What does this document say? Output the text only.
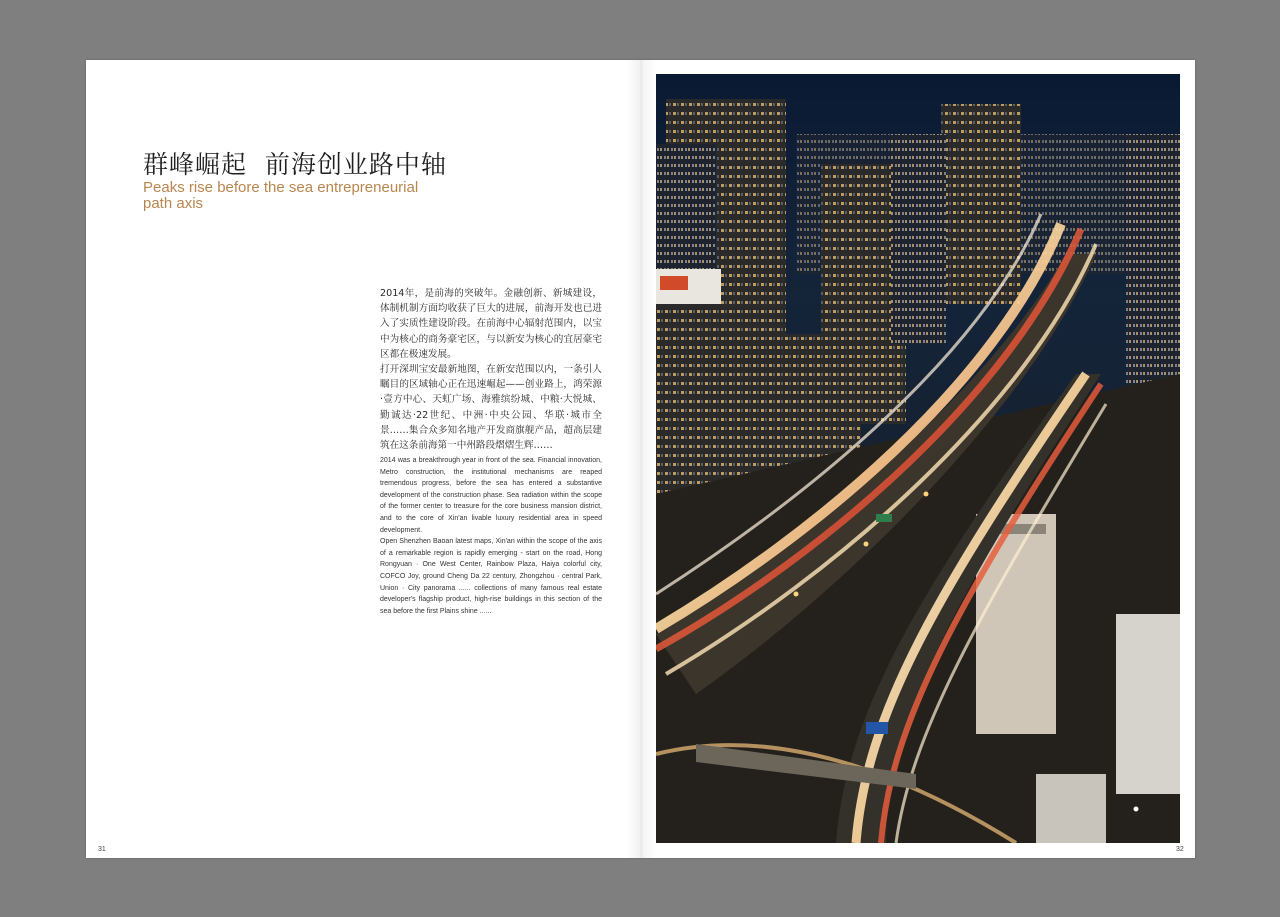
群峰崛起  前海创业路中轴
Peaks rise before the sea entrepreneurial path axis

2014年，是前海的突破年。金融创新、新城建设，体制机制方面均收获了巨大的进展，前海开发也已进入了实质性建设阶段。在前海中心辐射范围内，以宝中为核心的商务豪宅区，与以新安为核心的宜居豪宅区都在极速发展。

打开深圳宝安最新地图，在新安范围以内，一条引人瞩目的区域轴心正在迅速崛起——创业路上，鸿荣源·壹方中心、天虹广场、海雅缤纷城、中粮·大悦城、勤诚达·22世纪、中洲·中央公园、华联·城市全景……集合众多知名地产开发商旗舰产品，超高层建筑在这条前海第一中州路段熠熠生辉……

2014 was a breakthrough year in front of the sea. Financial innovation, Metro construction, the institutional mechanisms are reaped tremendous progress, before the sea has entered a substantive development of the construction phase. Sea radiation within the scope of the former center to treasure for the core business mansion district, and to the core of Xin'an livable luxury residential area in speed development.

Open Shenzhen Baoan latest maps, Xin'an within the scope of the axis of a remarkable region is rapidly emerging - start on the road, Hong Rongyuan · One West Center, Rainbow Plaza, Haiya colorful city, COFCO Joy, ground Cheng Da 22 century, Zhongzhou · central Park, Union · City panorama ...... collections of many famous real estate developer's flagship product, high-rise buildings in this section of the sea before the first Plains shine ......

31	32
